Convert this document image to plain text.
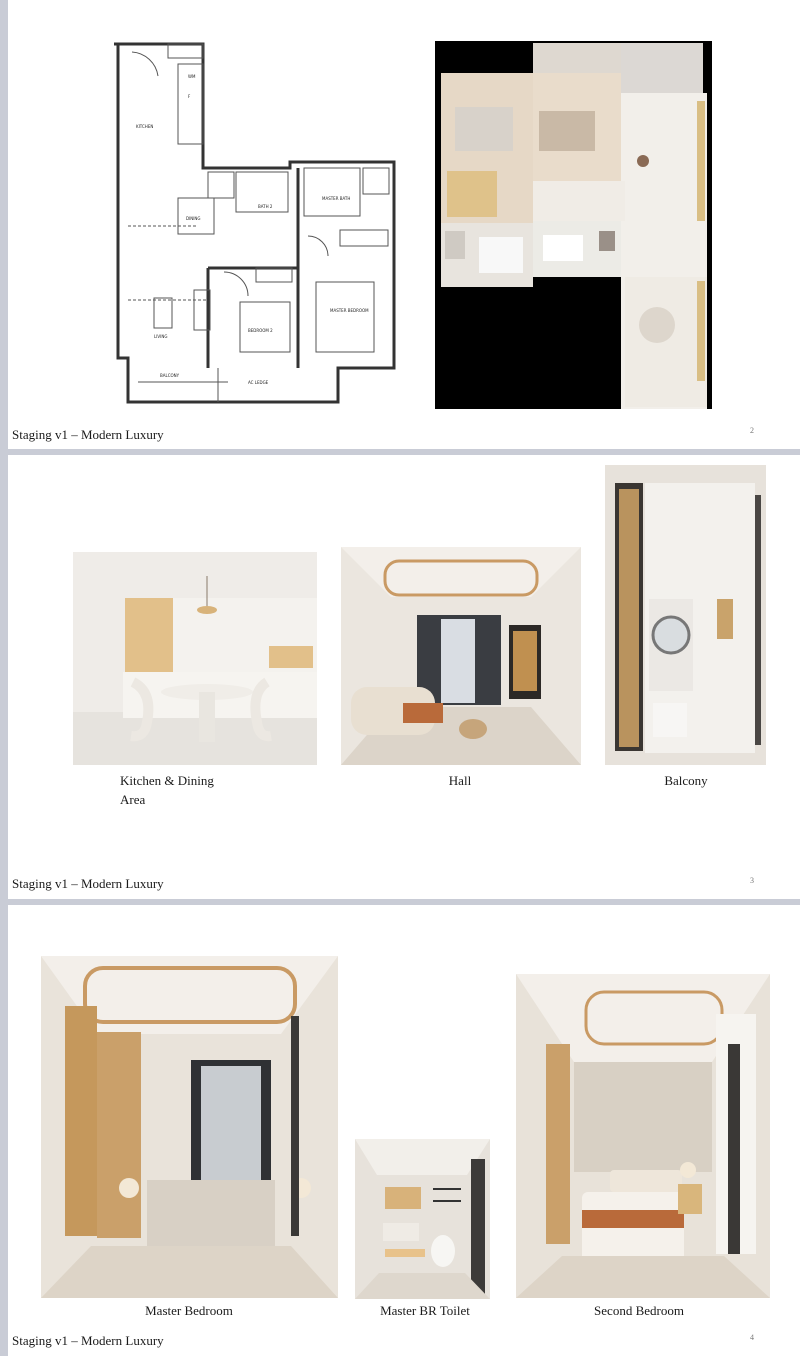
KITCHEN
DINING
BATH 2
MASTER BATH
LIVING
BEDROOM 2
MASTER BEDROOM
BALCONY
AC LEDGE
WM
F
Staging v1 – Modern Luxury	2
Kitchen & Dining Area
Hall	Balcony
Staging v1 – Modern Luxury	3
Master Bedroom	Master BR Toilet	Second Bedroom
Staging v1 – Modern Luxury	4
